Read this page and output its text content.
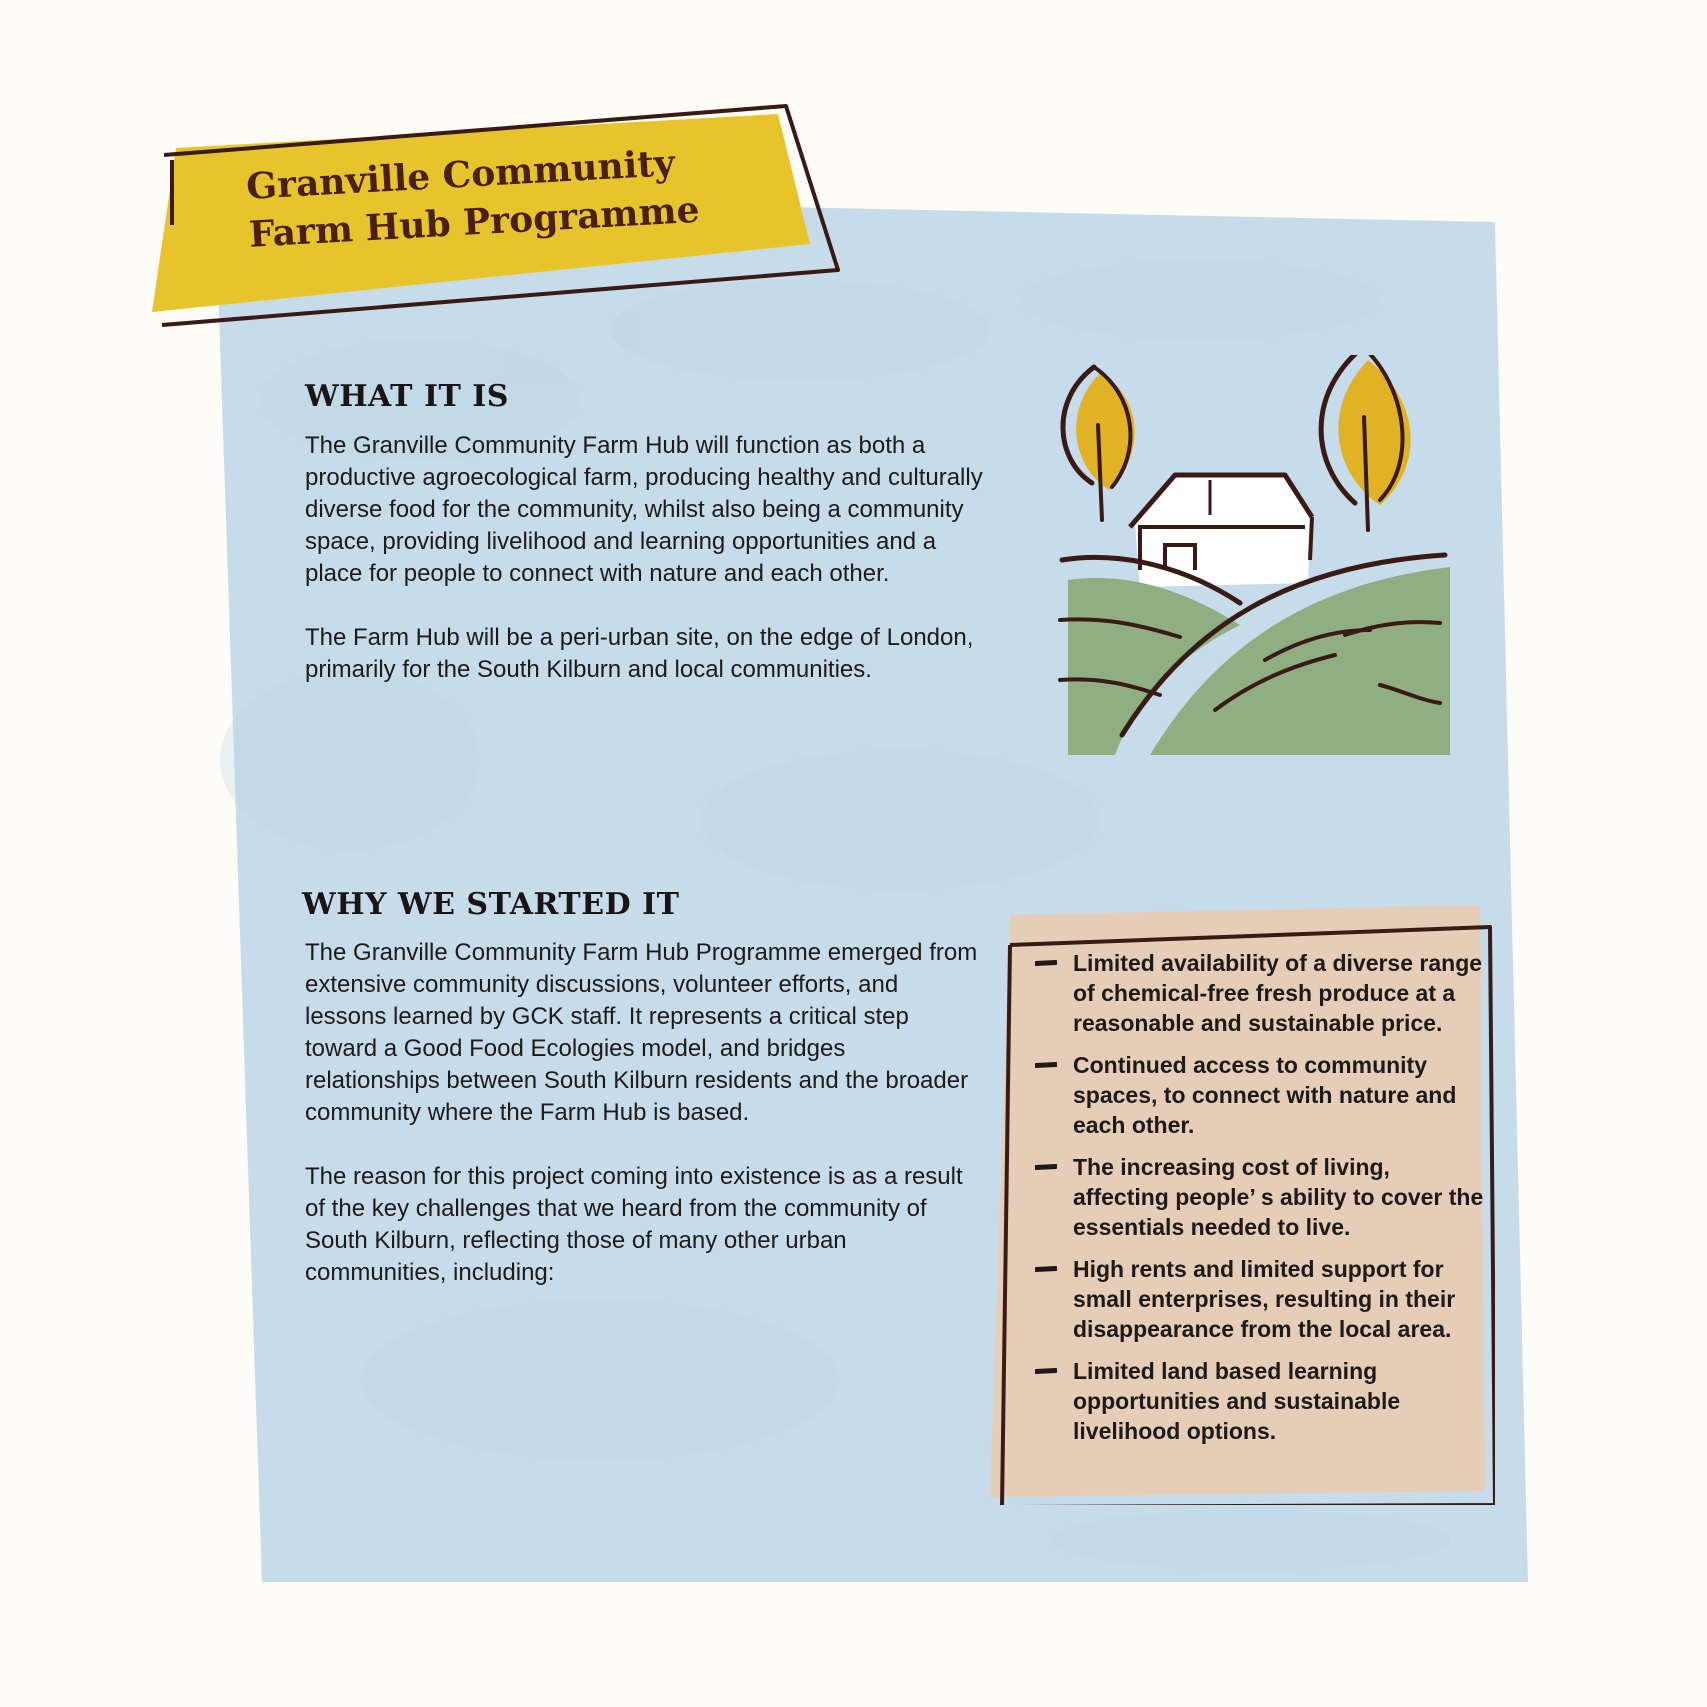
Granville Community
Farm Hub Programme
WHAT IT IS

The Granville Community Farm Hub will function as both a productive agroecological farm, producing healthy and culturally diverse food for the community, whilst also being a community space, providing livelihood and learning opportunities and a place for people to connect with nature and each other.

The Farm Hub will be a peri-urban site, on the edge of London, primarily for the South Kilburn and local communities.

WHY WE STARTED IT

The Granville Community Farm Hub Programme emerged from extensive community discussions, volunteer efforts, and lessons learned by GCK staff. It represents a critical step toward a Good Food Ecologies model, and bridges relationships between South Kilburn residents and the broader community where the Farm Hub is based.

The reason for this project coming into existence is as a result of the key challenges that we heard from the community of South Kilburn, reflecting those of many other urban communities, including:

Limited availability of a diverse range of chemical-free fresh produce at a reasonable and sustainable price.
Continued access to community spaces, to connect with nature and each other.
The increasing cost of living, affecting people’ s ability to cover the essentials needed to live.
High rents and limited support for small enterprises, resulting in their disappearance from the local area.
Limited land based learning opportunities and sustainable livelihood options.
